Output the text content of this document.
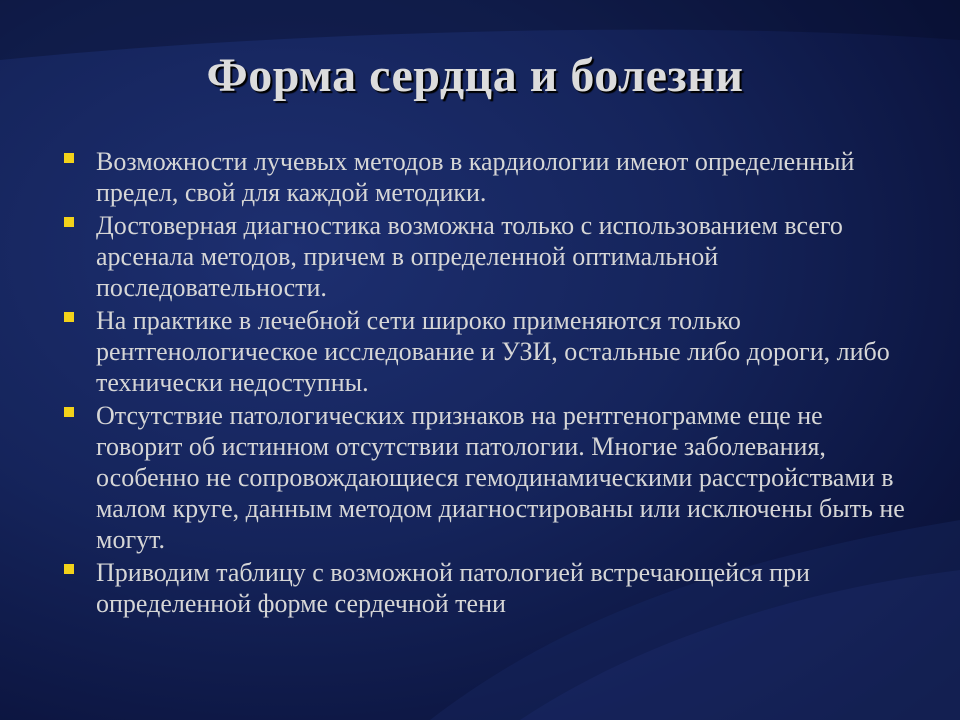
Форма сердца и болезни
Возможности лучевых методов в кардиологии имеют определенный предел, свой для каждой методики.
Достоверная диагностика возможна только с использованием всего арсенала методов, причем в определенной оптимальной последовательности.
На практике в лечебной сети широко применяются только рентгенологическое исследование и УЗИ, остальные либо дороги, либо технически недоступны.
Отсутствие патологических признаков на рентгенограмме еще не говорит об истинном отсутствии патологии. Многие заболевания, особенно не сопровождающиеся гемодинамическими расстройствами в малом круге, данным методом диагностированы или исключены быть не могут.
Приводим таблицу с возможной патологией встречающейся при определенной форме сердечной тени
